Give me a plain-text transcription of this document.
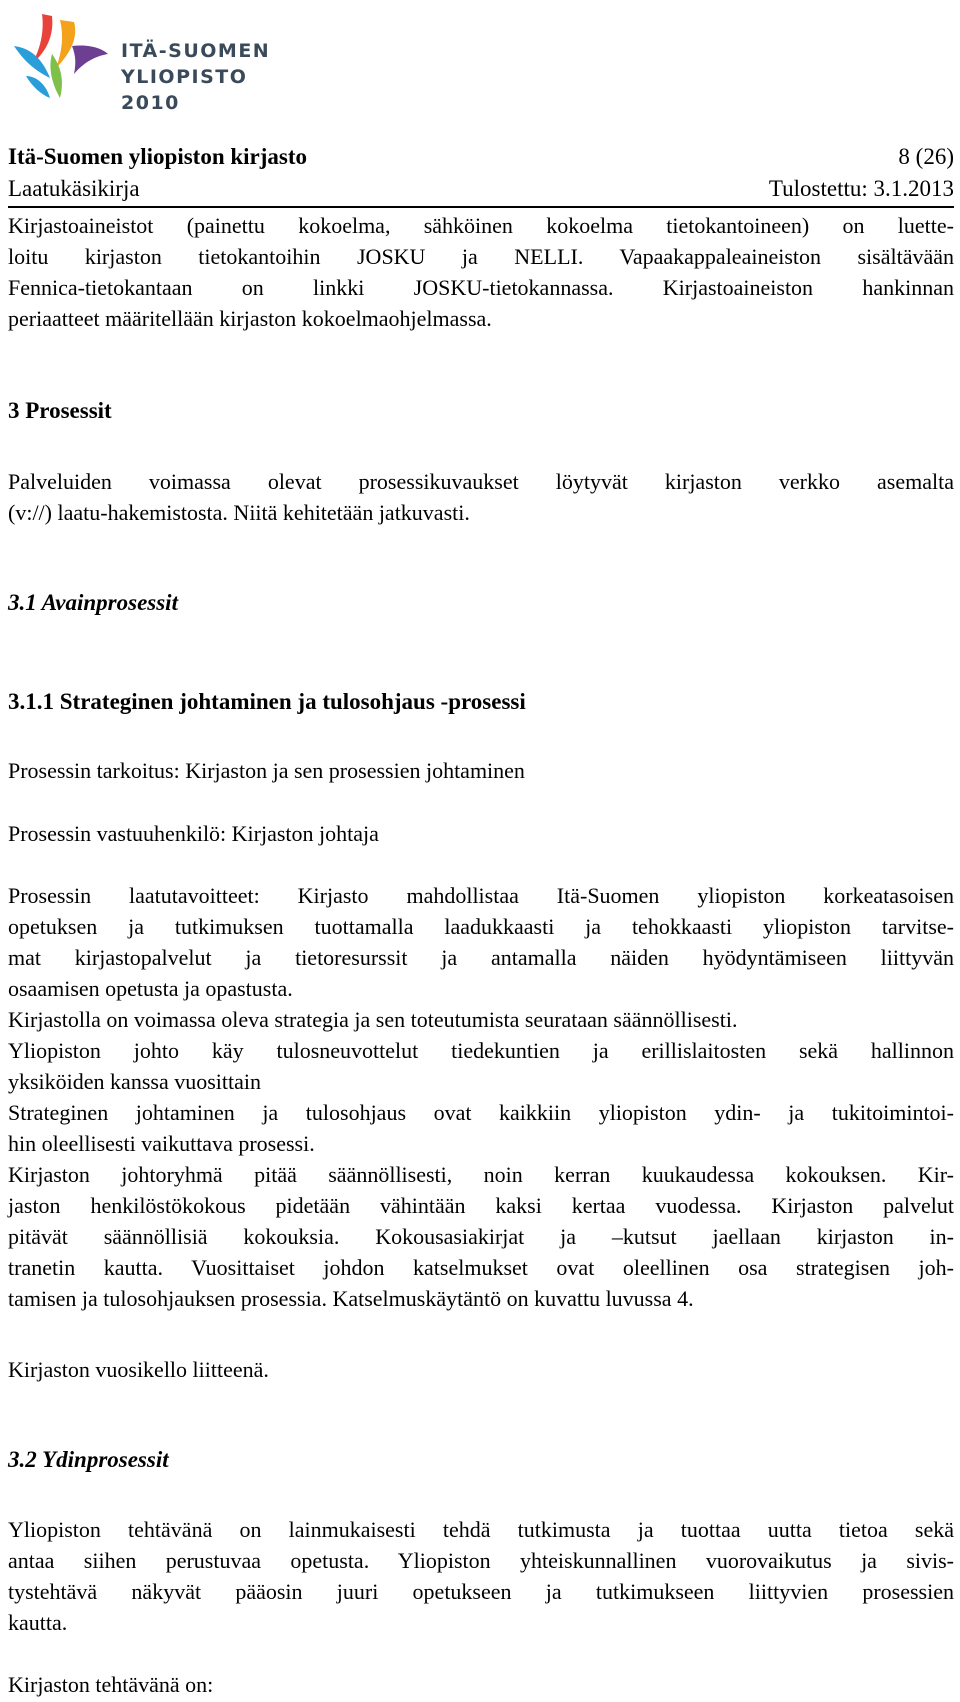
ITÄ-SUOMEN
YLIOPISTO 2010
Itä-Suomen yliopiston kirjasto	8 (26)
Laatukäsikirja	Tulostettu: 3.1.2013
Kirjastoaineistot (painettu kokoelma, sähköinen kokoelma tietokantoineen) on luette-
loitu kirjaston tietokantoihin JOSKU ja NELLI. Vapaakappaleaineiston sisältävään
Fennica-tietokantaan on linkki JOSKU-tietokannassa. Kirjastoaineiston hankinnan
periaatteet määritellään kirjaston kokoelmaohjelmassa.
3 Prosessit
Palveluiden voimassa olevat prosessikuvaukset löytyvät kirjaston verkko asemalta
(v://) laatu-hakemistosta. Niitä kehitetään jatkuvasti.
3.1 Avainprosessit
3.1.1 Strateginen johtaminen ja tulosohjaus -prosessi
Prosessin tarkoitus: Kirjaston ja sen prosessien johtaminen
Prosessin vastuuhenkilö: Kirjaston johtaja
Prosessin laatutavoitteet: Kirjasto mahdollistaa Itä-Suomen yliopiston korkeatasoisen
opetuksen ja tutkimuksen tuottamalla laadukkaasti ja tehokkaasti yliopiston tarvitse-
mat kirjastopalvelut ja tietoresurssit ja antamalla näiden hyödyntämiseen liittyvän
osaamisen opetusta ja opastusta.
Kirjastolla on voimassa oleva strategia ja sen toteutumista seurataan säännöllisesti.
Yliopiston johto käy tulosneuvottelut tiedekuntien ja erillislaitosten sekä hallinnon
yksiköiden kanssa vuosittain
Strateginen johtaminen ja tulosohjaus ovat kaikkiin yliopiston ydin- ja tukitoimintoi-
hin oleellisesti vaikuttava prosessi.
Kirjaston johtoryhmä pitää säännöllisesti, noin kerran kuukaudessa kokouksen. Kir-
jaston henkilöstökokous pidetään vähintään kaksi kertaa vuodessa. Kirjaston palvelut
pitävät säännöllisiä kokouksia. Kokousasiakirjat ja –kutsut jaellaan kirjaston in-
tranetin kautta. Vuosittaiset johdon katselmukset ovat oleellinen osa strategisen joh-
tamisen ja tulosohjauksen prosessia. Katselmuskäytäntö on kuvattu luvussa 4.
Kirjaston vuosikello liitteenä.
3.2 Ydinprosessit
Yliopiston tehtävänä on lainmukaisesti tehdä tutkimusta ja tuottaa uutta tietoa sekä
antaa siihen perustuvaa opetusta. Yliopiston yhteiskunnallinen vuorovaikutus ja sivis-
tystehtävä näkyvät pääosin juuri opetukseen ja tutkimukseen liittyvien prosessien
kautta.
Kirjaston tehtävänä on:
